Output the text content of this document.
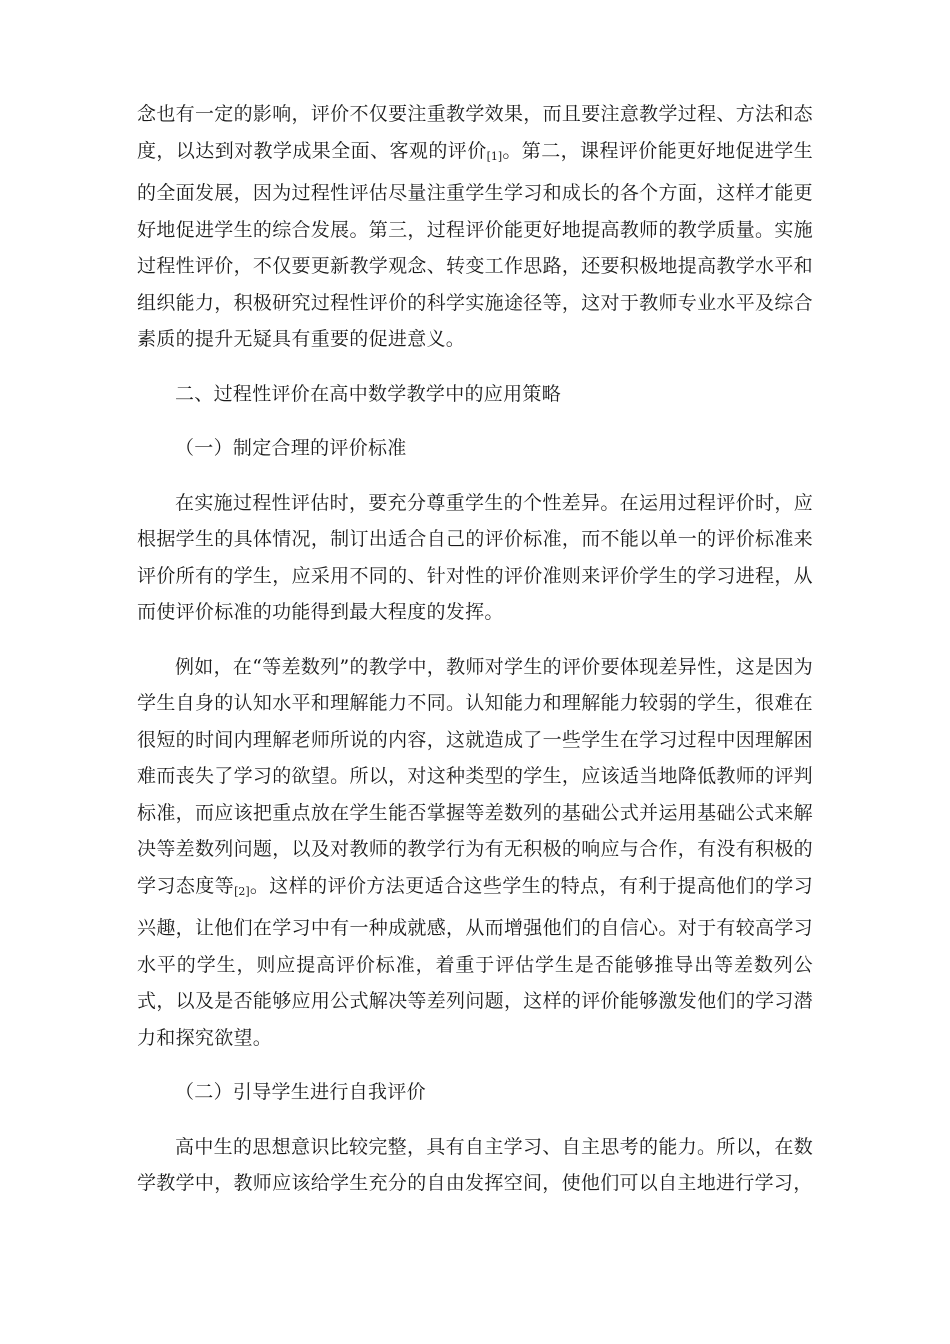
念也有一定的影响，评价不仅要注重教学效果，而且要注意教学过程、方法和态度，以达到对教学成果全面、客观的评价[1]。第二，课程评价能更好地促进学生的全面发展，因为过程性评估尽量注重学生学习和成长的各个方面，这样才能更好地促进学生的综合发展。第三，过程评价能更好地提高教师的教学质量。实施过程性评价，不仅要更新教学观念、转变工作思路，还要积极地提高教学水平和组织能力，积极研究过程性评价的科学实施途径等，这对于教师专业水平及综合素质的提升无疑具有重要的促进意义。

二、过程性评价在高中数学教学中的应用策略

（一）制定合理的评价标准

在实施过程性评估时，要充分尊重学生的个性差异。在运用过程评价时，应根据学生的具体情况，制订出适合自己的评价标准，而不能以单一的评价标准来评价所有的学生，应采用不同的、针对性的评价准则来评价学生的学习进程，从而使评价标准的功能得到最大程度的发挥。

例如，在“等差数列”的教学中，教师对学生的评价要体现差异性，这是因为学生自身的认知水平和理解能力不同。认知能力和理解能力较弱的学生，很难在很短的时间内理解老师所说的内容，这就造成了一些学生在学习过程中因理解困难而丧失了学习的欲望。所以，对这种类型的学生，应该适当地降低教师的评判标准，而应该把重点放在学生能否掌握等差数列的基础公式并运用基础公式来解决等差数列问题，以及对教师的教学行为有无积极的响应与合作，有没有积极的学习态度等[2]。这样的评价方法更适合这些学生的特点，有利于提高他们的学习兴趣，让他们在学习中有一种成就感，从而增强他们的自信心。对于有较高学习水平的学生，则应提高评价标准，着重于评估学生是否能够推导出等差数列公式，以及是否能够应用公式解决等差列问题，这样的评价能够激发他们的学习潜力和探究欲望。

（二）引导学生进行自我评价

高中生的思想意识比较完整，具有自主学习、自主思考的能力。所以，在数学教学中，教师应该给学生充分的自由发挥空间，使他们可以自主地进行学习，
